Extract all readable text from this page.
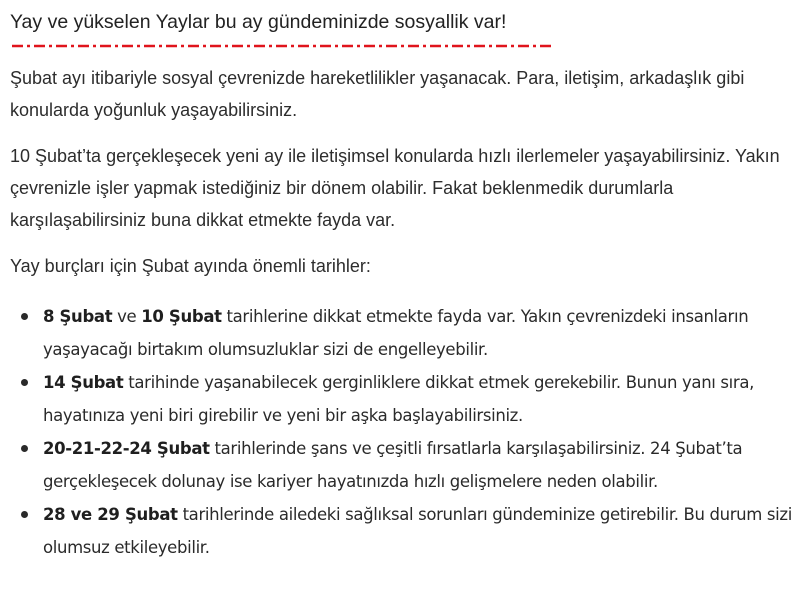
Yay ve yükselen Yaylar bu ay gündeminizde sosyallik var!

Şubat ayı itibariyle sosyal çevrenizde hareketlilikler yaşanacak. Para, iletişim, arkadaşlık gibi konularda yoğunluk yaşayabilirsiniz.

10 Şubat’ta gerçekleşecek yeni ay ile iletişimsel konularda hızlı ilerlemeler yaşayabilirsiniz. Yakın çevrenizle işler yapmak istediğiniz bir dönem olabilir. Fakat beklenmedik durumlarla karşılaşabilirsiniz buna dikkat etmekte fayda var.

Yay burçları için Şubat ayında önemli tarihler:

8 Şubat ve 10 Şubat tarihlerine dikkat etmekte fayda var. Yakın çevrenizdeki insanların yaşayacağı birtakım olumsuzluklar sizi de engelleyebilir.
14 Şubat tarihinde yaşanabilecek gerginliklere dikkat etmek gerekebilir. Bunun yanı sıra, hayatınıza yeni biri girebilir ve yeni bir aşka başlayabilirsiniz.
20-21-22-24 Şubat tarihlerinde şans ve çeşitli fırsatlarla karşılaşabilirsiniz. 24 Şubat’ta gerçekleşecek dolunay ise kariyer hayatınızda hızlı gelişmelere neden olabilir.
28 ve 29 Şubat tarihlerinde ailedeki sağlıksal sorunları gündeminize getirebilir. Bu durum sizi olumsuz etkileyebilir.
